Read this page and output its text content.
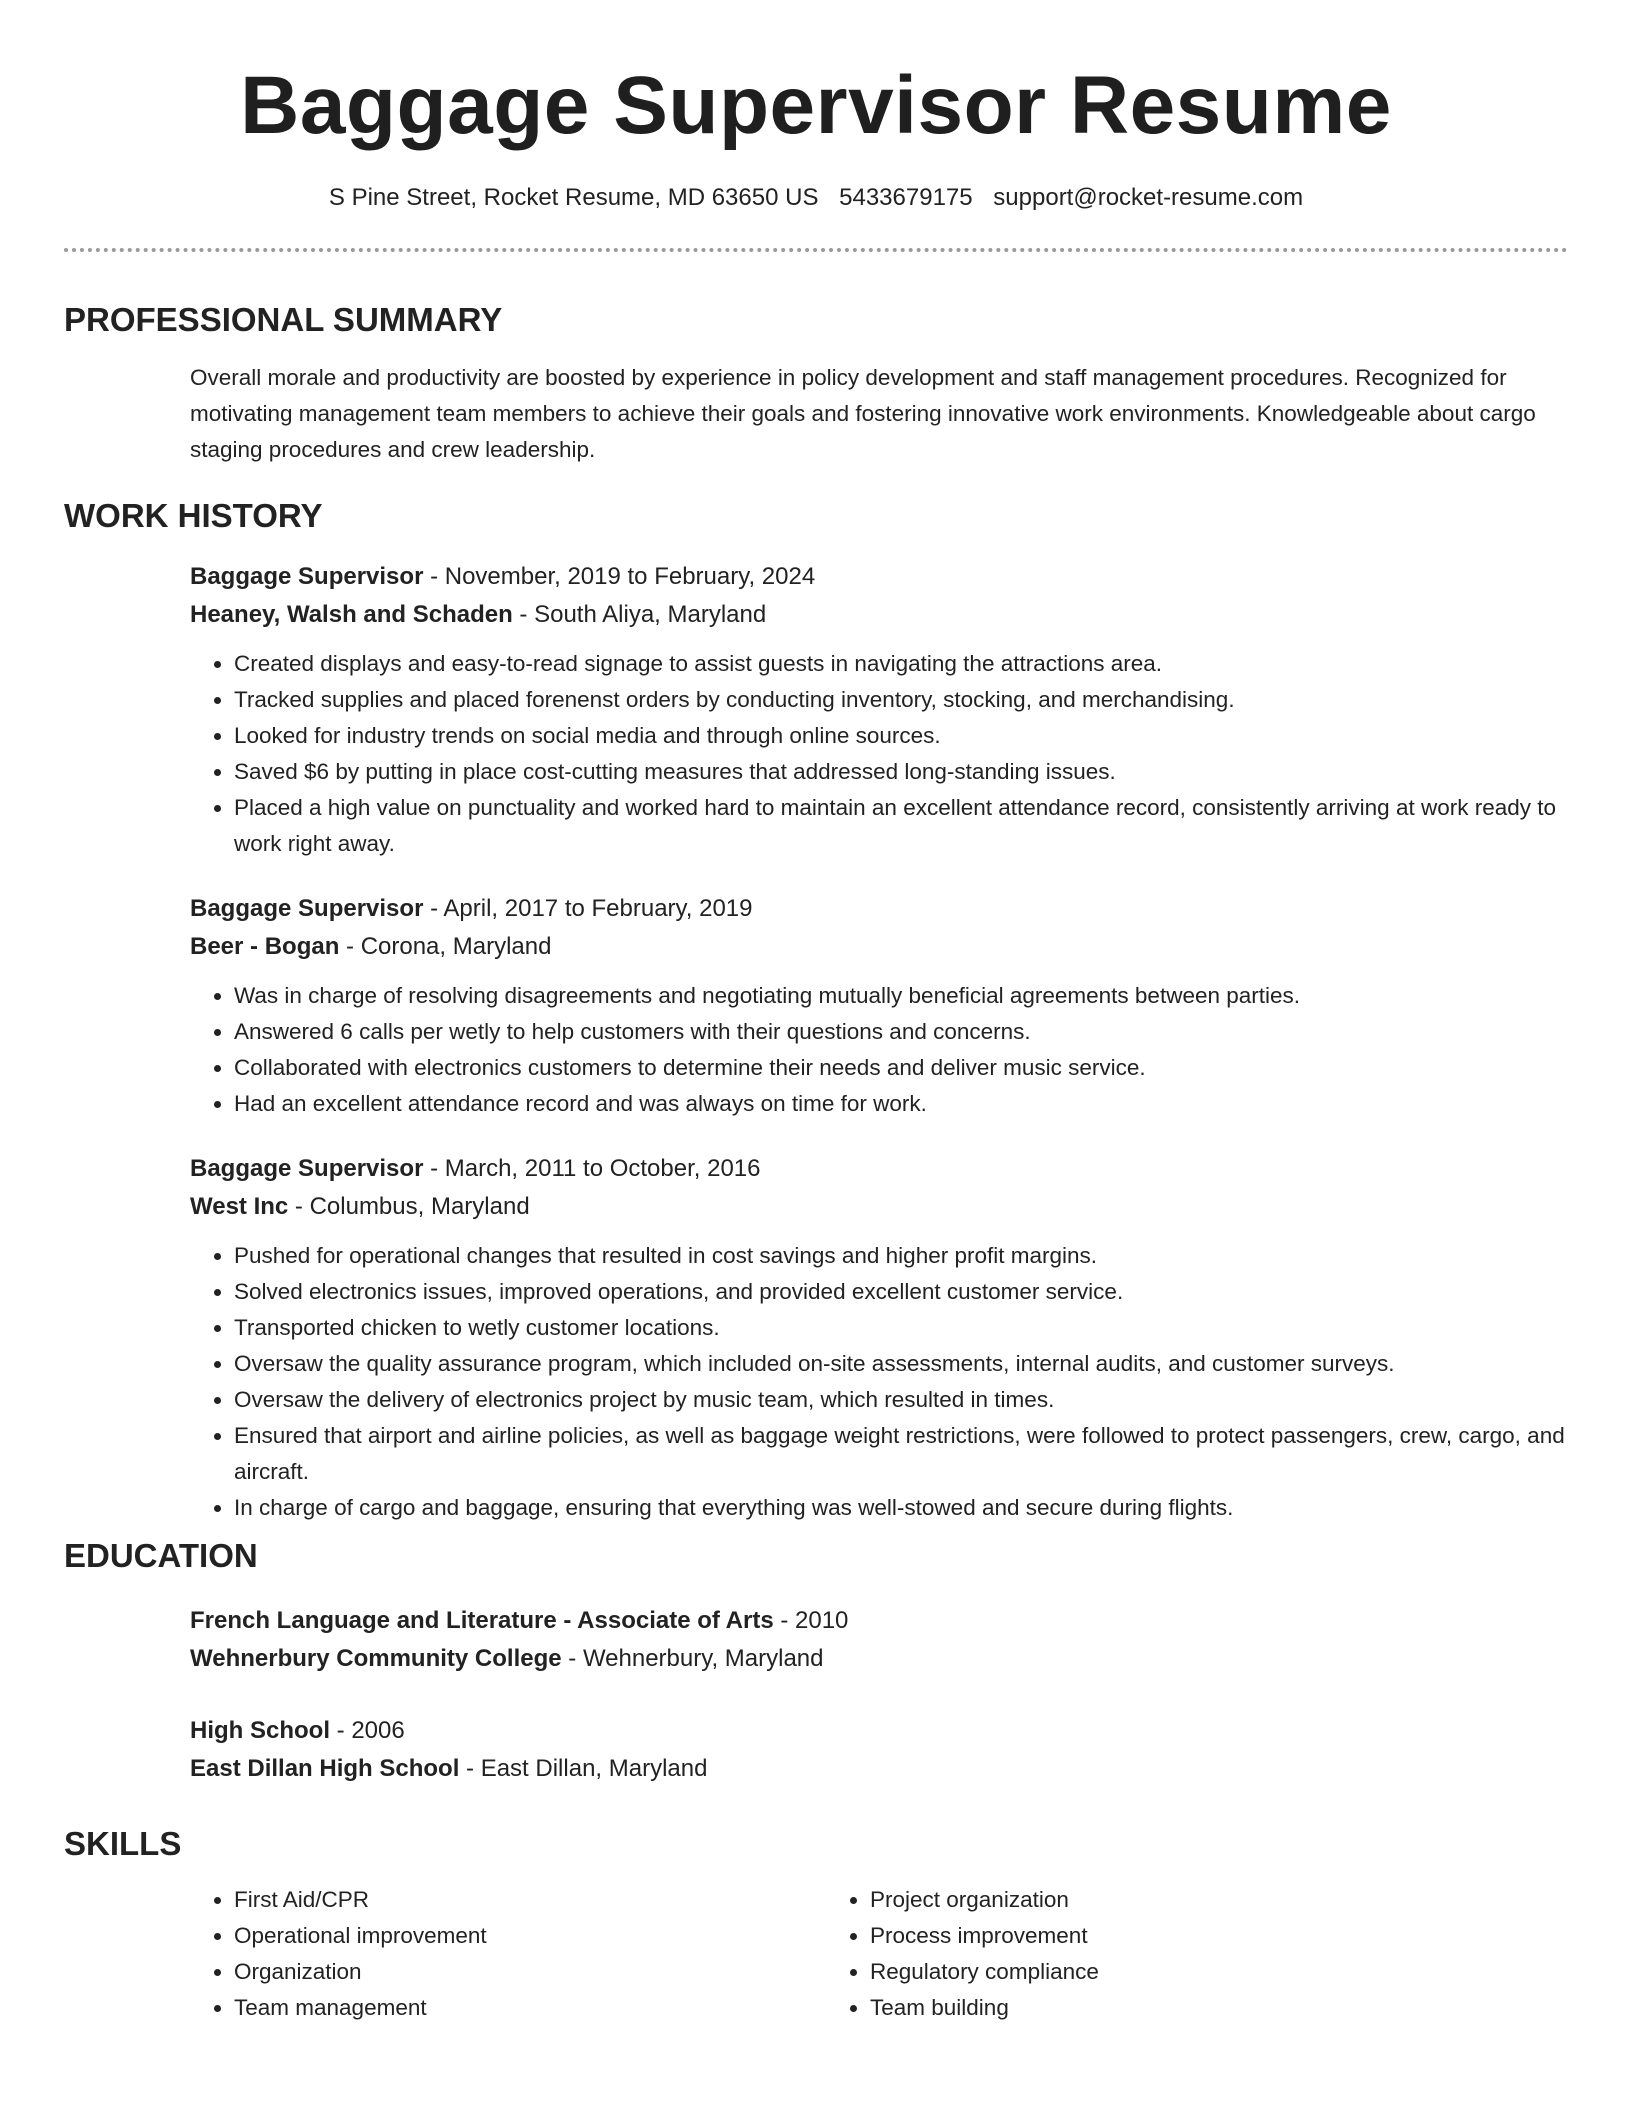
Baggage Supervisor Resume
S Pine Street, Rocket Resume, MD 63650 US 5433679175 support@rocket-resume.com
PROFESSIONAL SUMMARY
Overall morale and productivity are boosted by experience in policy development and staff management procedures. Recognized for motivating management team members to achieve their goals and fostering innovative work environments. Knowledgeable about cargo staging procedures and crew leadership.
WORK HISTORY
Baggage Supervisor - November, 2019 to February, 2024
Heaney, Walsh and Schaden - South Aliya, Maryland
• Created displays and easy-to-read signage to assist guests in navigating the attractions area.
• Tracked supplies and placed forenenst orders by conducting inventory, stocking, and merchandising.
• Looked for industry trends on social media and through online sources.
• Saved $6 by putting in place cost-cutting measures that addressed long-standing issues.
• Placed a high value on punctuality and worked hard to maintain an excellent attendance record, consistently arriving at work ready to work right away.
Baggage Supervisor - April, 2017 to February, 2019
Beer - Bogan - Corona, Maryland
• Was in charge of resolving disagreements and negotiating mutually beneficial agreements between parties.
• Answered 6 calls per wetly to help customers with their questions and concerns.
• Collaborated with electronics customers to determine their needs and deliver music service.
• Had an excellent attendance record and was always on time for work.
Baggage Supervisor - March, 2011 to October, 2016
West Inc - Columbus, Maryland
• Pushed for operational changes that resulted in cost savings and higher profit margins.
• Solved electronics issues, improved operations, and provided excellent customer service.
• Transported chicken to wetly customer locations.
• Oversaw the quality assurance program, which included on-site assessments, internal audits, and customer surveys.
• Oversaw the delivery of electronics project by music team, which resulted in times.
• Ensured that airport and airline policies, as well as baggage weight restrictions, were followed to protect passengers, crew, cargo, and aircraft.
• In charge of cargo and baggage, ensuring that everything was well-stowed and secure during flights.
EDUCATION
French Language and Literature - Associate of Arts - 2010
Wehnerbury Community College - Wehnerbury, Maryland
High School - 2006
East Dillan High School - East Dillan, Maryland
SKILLS
• First Aid/CPR
• Operational improvement
• Organization
• Team management
• Project organization
• Process improvement
• Regulatory compliance
• Team building
